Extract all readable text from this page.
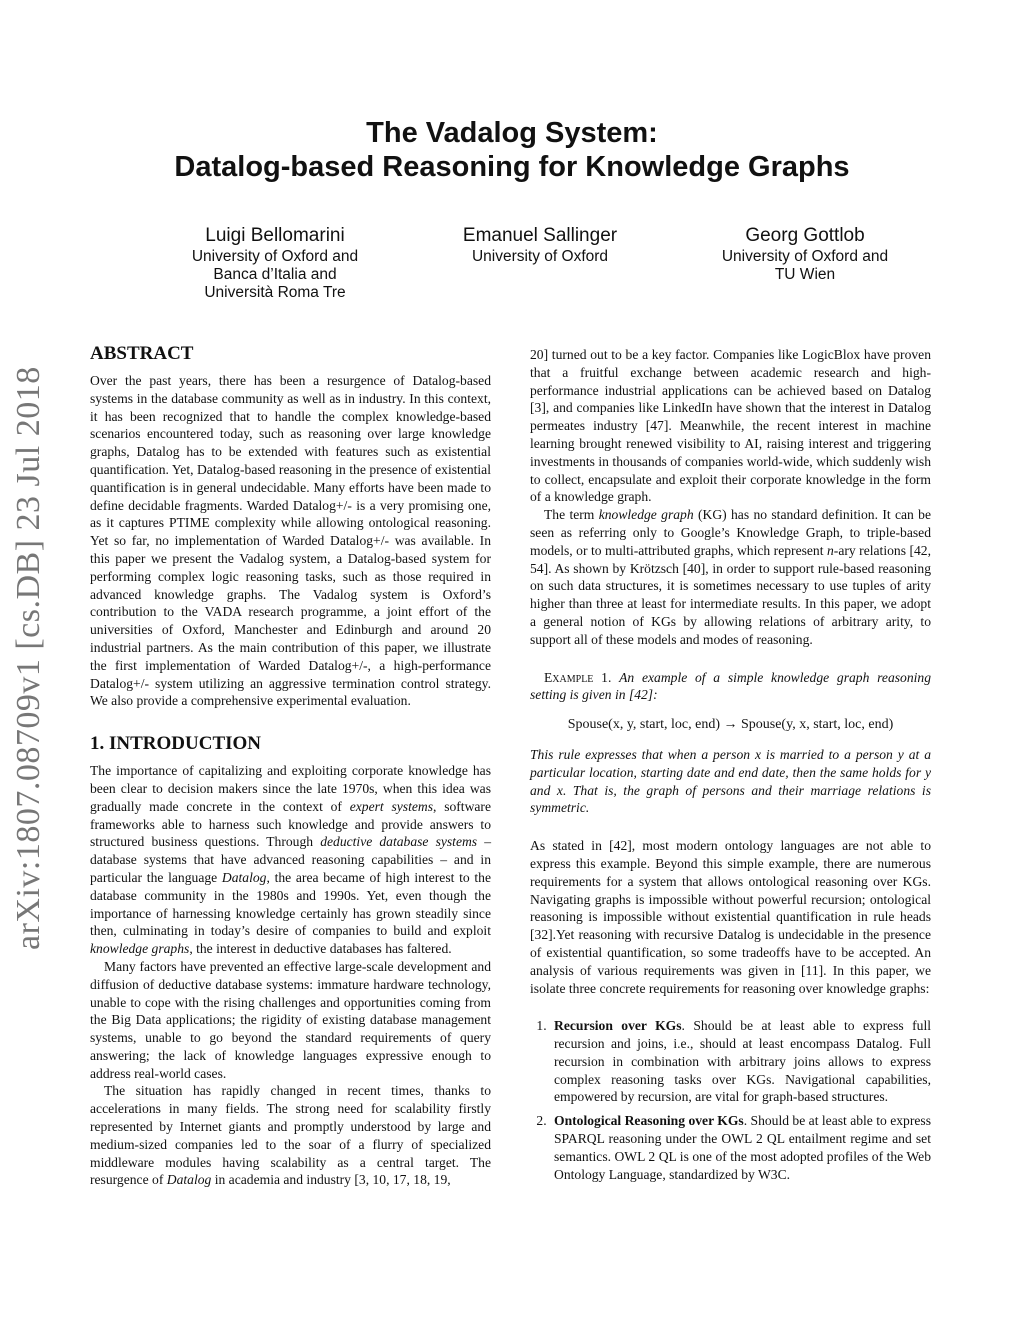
The Vadalog System:
Datalog-based Reasoning for Knowledge Graphs
Luigi Bellomarini
University of Oxford and
Banca d’Italia and
Università Roma Tre
Emanuel Sallinger
University of Oxford
Georg Gottlob
University of Oxford and
TU Wien
arXiv:1807.08709v1 [cs.DB] 23 Jul 2018
ABSTRACT

Over the past years, there has been a resurgence of Datalog-based systems in the database community as well as in industry. In this context, it has been recognized that to handle the complex knowledge-based scenarios encountered today, such as reasoning over large knowledge graphs, Datalog has to be extended with features such as existential quantification. Yet, Datalog-based reasoning in the presence of existential quantification is in general undecidable. Many efforts have been made to define decidable fragments. Warded Datalog+/- is a very promising one, as it captures PTIME complexity while allowing ontological reasoning. Yet so far, no implementation of Warded Datalog+/- was available. In this paper we present the Vadalog system, a Datalog-based system for performing complex logic reasoning tasks, such as those required in advanced knowledge graphs. The Vadalog system is Oxford’s contribution to the VADA research programme, a joint effort of the universities of Oxford, Manchester and Edinburgh and around 20 industrial partners. As the main contribution of this paper, we illustrate the first implementation of Warded Datalog+/-, a high-performance Datalog+/- system utilizing an aggressive termination control strategy. We also provide a comprehensive experimental evaluation.

1. INTRODUCTION

The importance of capitalizing and exploiting corporate knowledge has been clear to decision makers since the late 1970s, when this idea was gradually made concrete in the context of expert systems, software frameworks able to harness such knowledge and provide answers to structured business questions. Through deductive database systems – database systems that have advanced reasoning capabilities – and in particular the language Datalog, the area became of high interest to the database community in the 1980s and 1990s. Yet, even though the importance of harnessing knowledge certainly has grown steadily since then, culminating in today’s desire of companies to build and exploit knowledge graphs, the interest in deductive databases has faltered.

Many factors have prevented an effective large-scale development and diffusion of deductive database systems: immature hardware technology, unable to cope with the rising challenges and opportunities coming from the Big Data applications; the rigidity of existing database management systems, unable to go beyond the standard requirements of query answering; the lack of knowledge languages expressive enough to address real-world cases.

The situation has rapidly changed in recent times, thanks to accelerations in many fields. The strong need for scalability firstly represented by Internet giants and promptly understood by large and medium-sized companies led to the soar of a flurry of specialized middleware modules having scalability as a central target. The resurgence of Datalog in academia and industry [3, 10, 17, 18, 19,

20] turned out to be a key factor. Companies like LogicBlox have proven that a fruitful exchange between academic research and high-performance industrial applications can be achieved based on Datalog [3], and companies like LinkedIn have shown that the interest in Datalog permeates industry [47]. Meanwhile, the recent interest in machine learning brought renewed visibility to AI, raising interest and triggering investments in thousands of companies world-wide, which suddenly wish to collect, encapsulate and exploit their corporate knowledge in the form of a knowledge graph.

The term knowledge graph (KG) has no standard definition. It can be seen as referring only to Google’s Knowledge Graph, to triple-based models, or to multi-attributed graphs, which represent n-ary relations [42, 54]. As shown by Krötzsch [40], in order to support rule-based reasoning on such data structures, it is sometimes necessary to use tuples of arity higher than three at least for intermediate results. In this paper, we adopt a general notion of KGs by allowing relations of arbitrary arity, to support all of these models and modes of reasoning.

Example 1. An example of a simple knowledge graph reasoning setting is given in [42]:

Spouse(x, y, start, loc, end) → Spouse(y, x, start, loc, end)

This rule expresses that when a person x is married to a person y at a particular location, starting date and end date, then the same holds for y and x. That is, the graph of persons and their marriage relations is symmetric.

As stated in [42], most modern ontology languages are not able to express this example. Beyond this simple example, there are numerous requirements for a system that allows ontological reasoning over KGs. Navigating graphs is impossible without powerful recursion; ontological reasoning is impossible without existential quantification in rule heads [32].Yet reasoning with recursive Datalog is undecidable in the presence of existential quantification, so some tradeoffs have to be accepted. An analysis of various requirements was given in [11]. In this paper, we isolate three concrete requirements for reasoning over knowledge graphs:

1. Recursion over KGs. Should be at least able to express full recursion and joins, i.e., should at least encompass Datalog. Full recursion in combination with arbitrary joins allows to express complex reasoning tasks over KGs. Navigational capabilities, empowered by recursion, are vital for graph-based structures.
2. Ontological Reasoning over KGs. Should be at least able to express SPARQL reasoning under the OWL 2 QL entailment regime and set semantics. OWL 2 QL is one of the most adopted profiles of the Web Ontology Language, standardized by W3C.
